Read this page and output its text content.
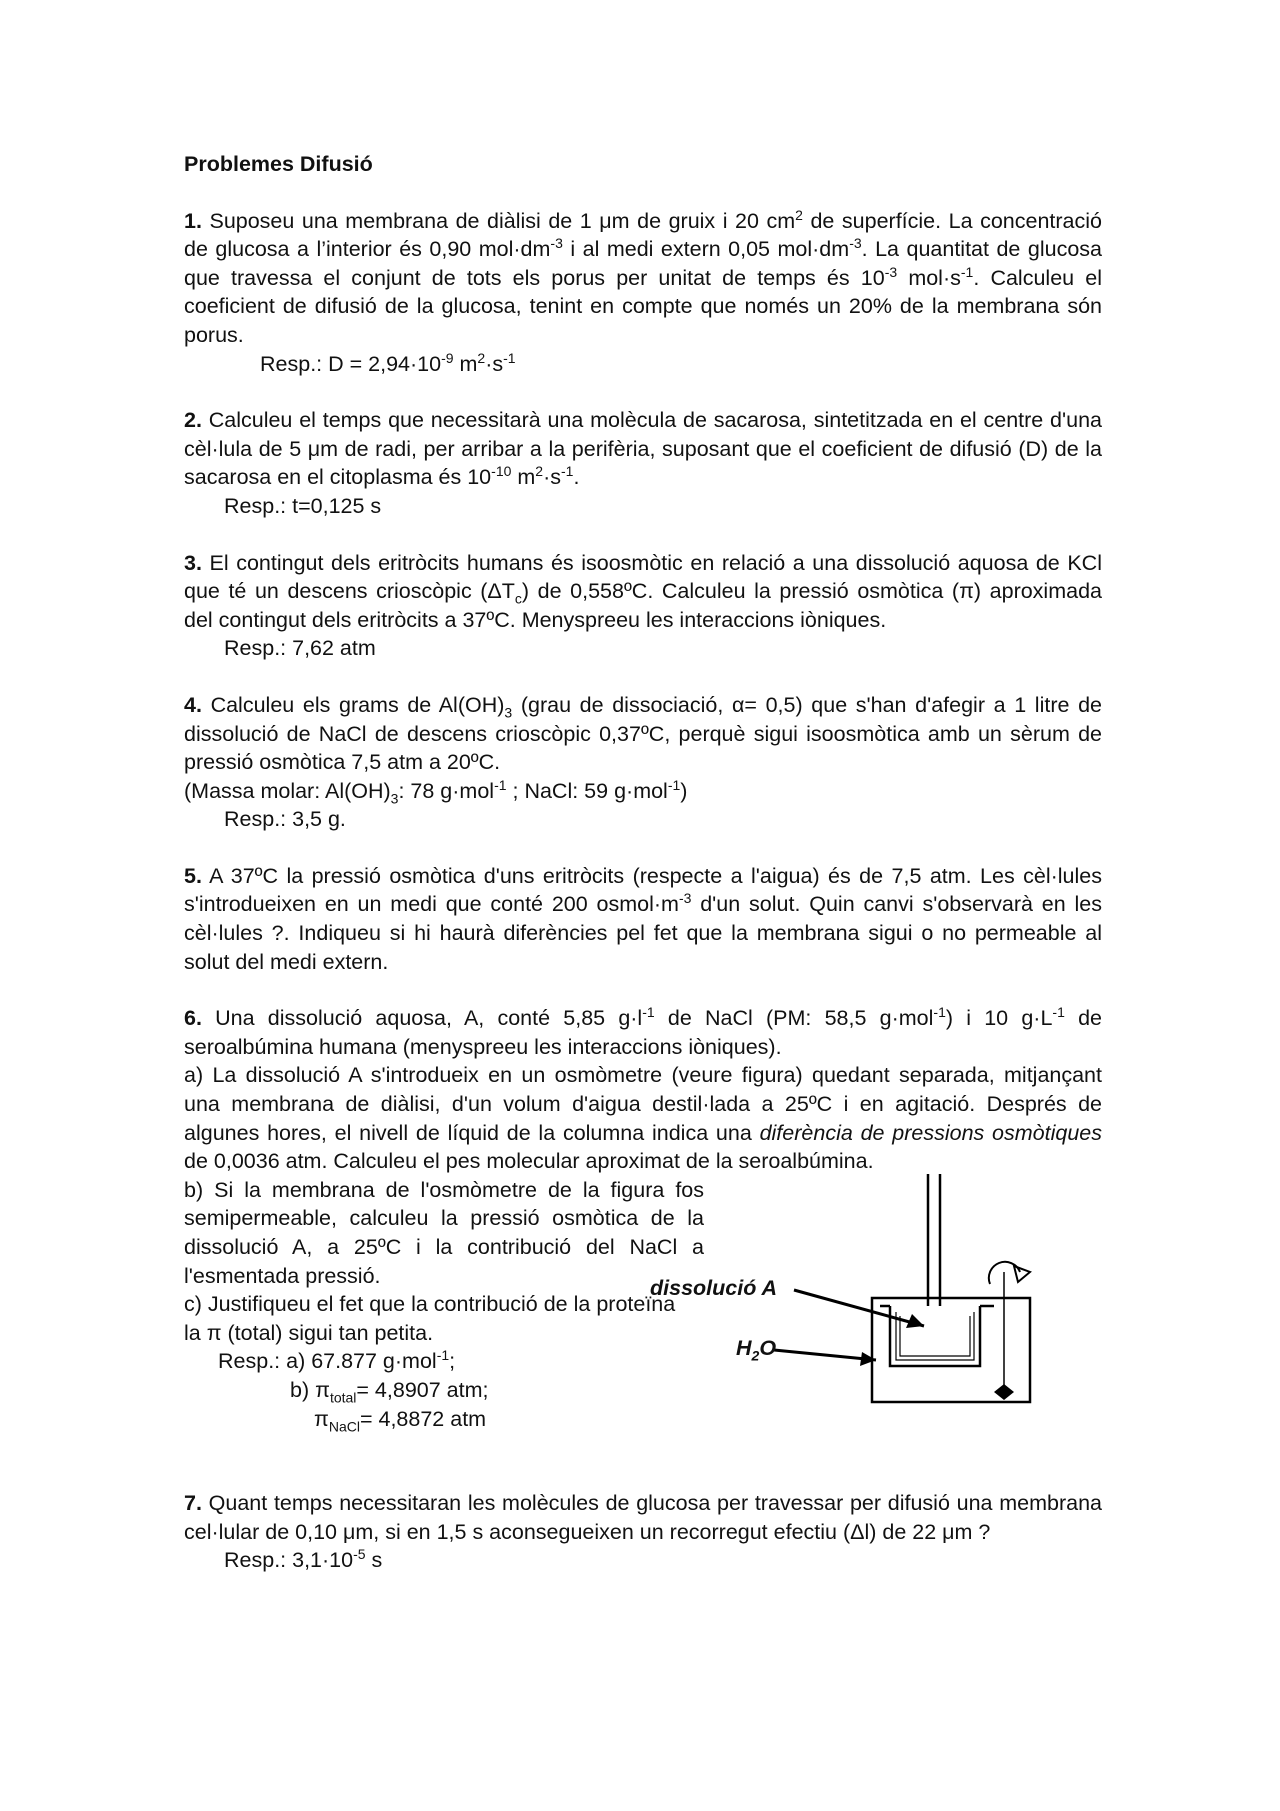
Problemes Difusió

1. Suposeu una membrana de diàlisi de 1 μm de gruix i 20 $cm^2$ de superfície. La concentració de glucosa a l’interior és 0,90 $mol\cdot dm^{-3}$ i al medi extern 0,05 $mol\cdot dm^{-3}$. La quantitat de glucosa que travessa el conjunt de tots els porus per unitat de temps és $10^{-3}$ $mol\cdot s^{-1}$. Calculeu el coeficient de difusió de la glucosa, tenint en compte que només un 20% de la membrana són porus.

Resp.: $D = 2,94\cdot 10^{-9}$ $m^2\cdot s^{-1}$

2. Calculeu el temps que necessitarà una molècula de sacarosa, sintetitzada en el centre d'una cèl·lula de 5 μm de radi, per arribar a la perifèria, suposant que el coeficient de difusió (D) de la sacarosa en el citoplasma és $10^{-10}$ $m^2\cdot s^{-1}$.

Resp.: t=0,125 s

3. El contingut dels eritròcits humans és isoosmòtic en relació a una dissolució aquosa de KCl que té un descens crioscòpic $(\Delta T_c)$ de 0,558ºC. Calculeu la pressió osmòtica (π) aproximada del contingut dels eritròcits a 37ºC. Menyspreeu les interaccions iòniques.

Resp.: 7,62 atm

4. Calculeu els grams de $Al(OH)_3$ (grau de dissociació, α= 0,5) que s'han d'afegir a 1 litre de dissolució de NaCl de descens crioscòpic 0,37ºC, perquè sigui isoosmòtica amb un sèrum de pressió osmòtica 7,5 atm a 20ºC.

(Massa molar: $Al(OH)_3$: 78 g·mol$^{-1}$ ; NaCl: 59 g·mol$^{-1}$)

Resp.: 3,5 g.

5. A 37ºC la pressió osmòtica d'uns eritròcits (respecte a l'aigua) és de 7,5 atm. Les cèl·lules s'introdueixen en un medi que conté 200 $osmol\cdot m^{-3}$ d'un solut. Quin canvi s'observarà en les cèl·lules ?. Indiqueu si hi haurà diferències pel fet que la membrana sigui o no permeable al solut del medi extern.

6. Una dissolució aquosa, A, conté 5,85 $g\cdot l^{-1}$ de NaCl (PM: 58,5 g·mol$^{-1}$) i 10 $g\cdot L^{-1}$ de seroalbúmina humana (menyspreeu les interaccions iòniques).

a) La dissolució A s'introdueix en un osmòmetre (veure figura) quedant separada, mitjançant una membrana de diàlisi, d'un volum d'aigua destil·lada a 25ºC i en agitació. Després de algunes hores, el nivell de líquid de la columna indica una diferència de pressions osmòtiques de 0,0036 atm. Calculeu el pes molecular aproximat de la seroalbúmina.

b) Si la membrana de l'osmòmetre de la figura fos semipermeable, calculeu la pressió osmòtica de la dissolució A, a 25ºC i la contribució del NaCl a l'esmentada pressió.

c) Justifiqueu el fet que la contribució de la proteïna

la π (total) sigui tan petita.

Resp.: a) 67.877 g·mol$^{-1}$;

b) $\pi_{total}= 4,8907$ atm;

$\pi_{NaCl}= 4,8872$ atm

dissolució A
$H_2O$

7. Quant temps necessitaran les molècules de glucosa per travessar per difusió una membrana cel·lular de 0,10 μm, si en 1,5 s aconsegueixen un recorregut efectiu (Δl) de 22 μm ?

Resp.: $3,1\cdot 10^{-5}$ s
